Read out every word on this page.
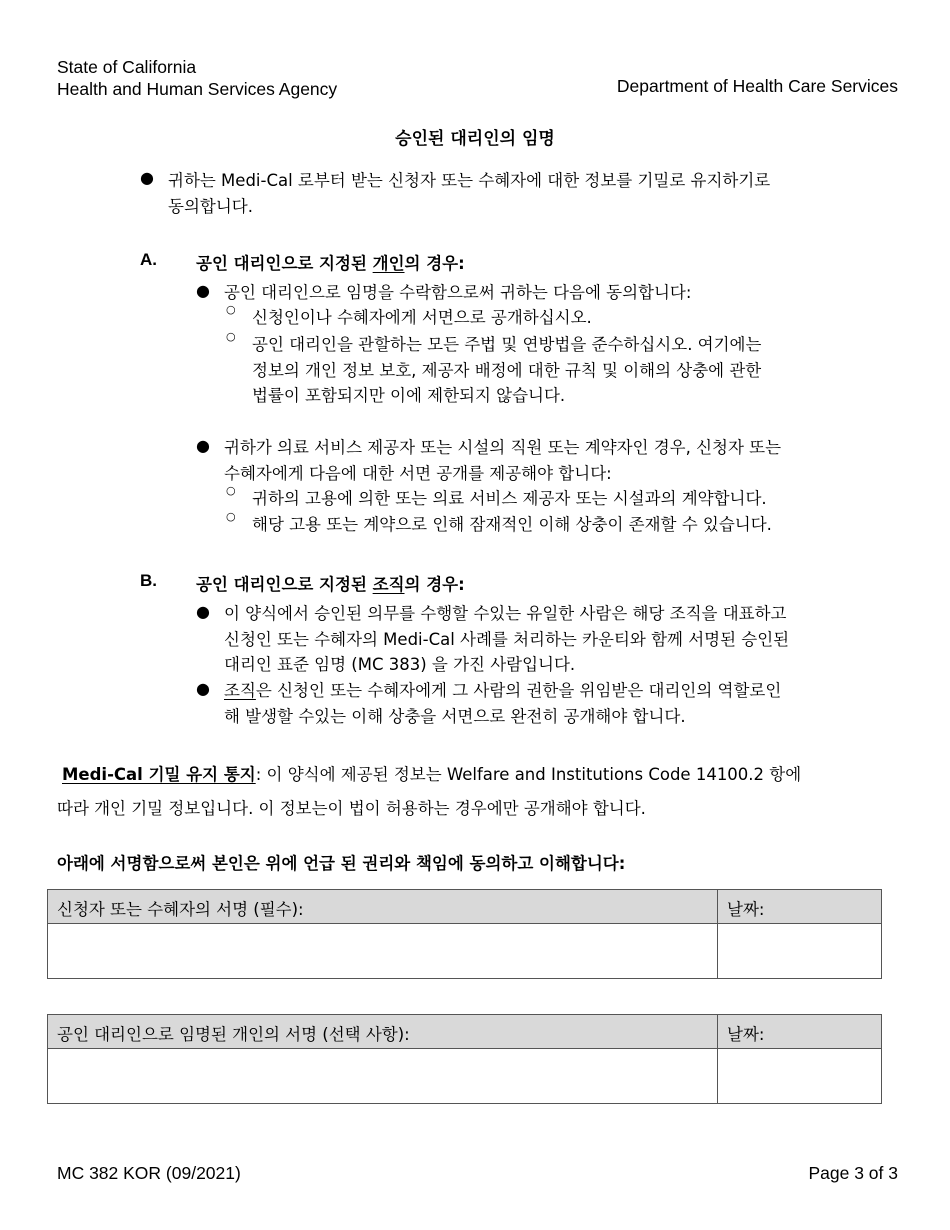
State of California
Health and Human Services Agency	Department of Health Care Services
승인된 대리인의 임명
● 귀하는 Medi-Cal 로부터 받는 신청자 또는 수혜자에 대한 정보를 기밀로 유지하기로
동의합니다.
A. 공인 대리인으로 지정된 개인의 경우:
● 공인 대리인으로 임명을 수락함으로써 귀하는 다음에 동의합니다:
○ 신청인이나 수혜자에게 서면으로 공개하십시오.
○ 공인 대리인을 관할하는 모든 주법 및 연방법을 준수하십시오. 여기에는
정보의 개인 정보 보호, 제공자 배정에 대한 규칙 및 이해의 상충에 관한
법률이 포함되지만 이에 제한되지 않습니다.
● 귀하가 의료 서비스 제공자 또는 시설의 직원 또는 계약자인 경우, 신청자 또는
수혜자에게 다음에 대한 서면 공개를 제공해야 합니다:
○ 귀하의 고용에 의한 또는 의료 서비스 제공자 또는 시설과의 계약합니다.
○ 해당 고용 또는 계약으로 인해 잠재적인 이해 상충이 존재할 수 있습니다.
B. 공인 대리인으로 지정된 조직의 경우:
● 이 양식에서 승인된 의무를 수행할 수있는 유일한 사람은 해당 조직을 대표하고
신청인 또는 수혜자의 Medi-Cal 사례를 처리하는 카운티와 함께 서명된 승인된
대리인 표준 임명 (MC 383) 을 가진 사람입니다.
● 조직은 신청인 또는 수혜자에게 그 사람의 권한을 위임받은 대리인의 역할로인
해 발생할 수있는 이해 상충을 서면으로 완전히 공개해야 합니다.
Medi-Cal 기밀 유지 통지: 이 양식에 제공된 정보는 Welfare and Institutions Code 14100.2 항에
따라 개인 기밀 정보입니다. 이 정보는이 법이 허용하는 경우에만 공개해야 합니다.
아래에 서명함으로써 본인은 위에 언급 된 권리와 책임에 동의하고 이해합니다:
신청자 또는 수혜자의 서명 (필수):	날짜:
공인 대리인으로 임명된 개인의 서명 (선택 사항):	날짜:
MC 382 KOR (09/2021)	Page 3 of 3
